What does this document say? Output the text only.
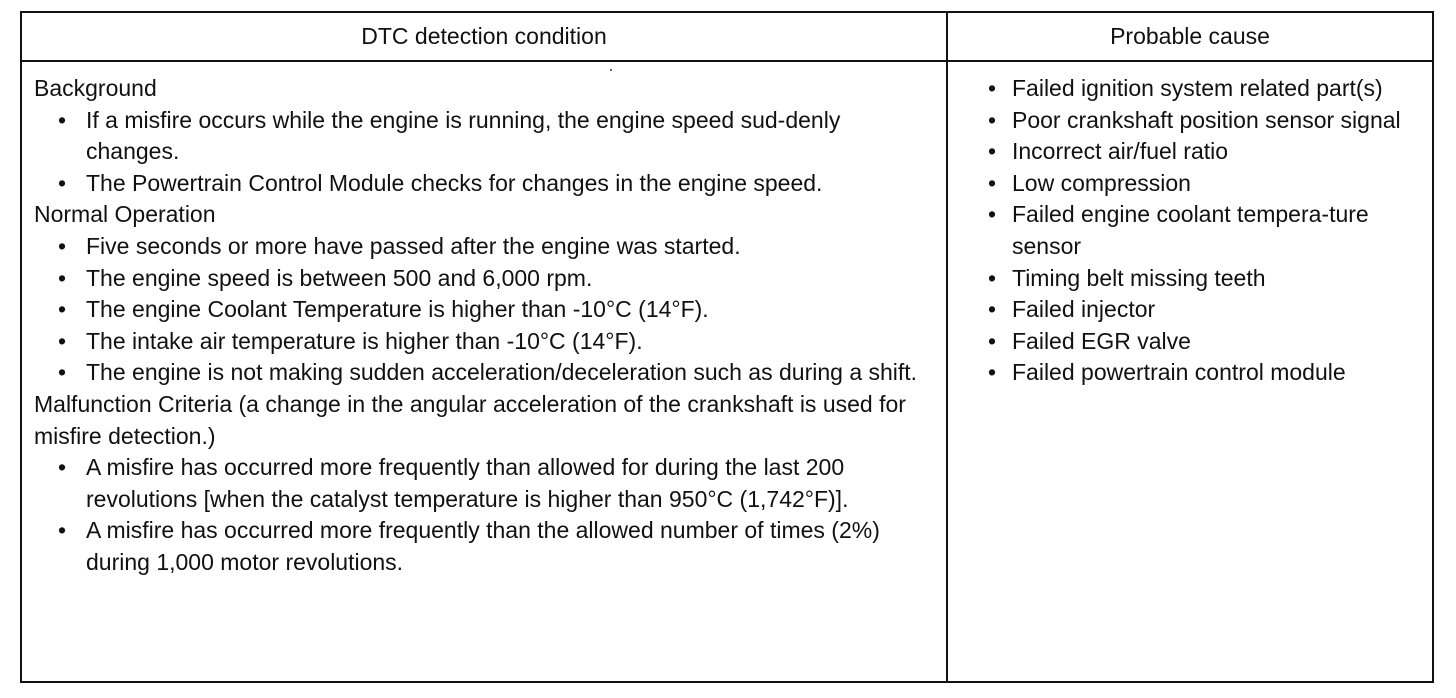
DTC detection condition	Probable cause

Background

• If a misfire occurs while the engine is running, the engine speed sud-denly changes.
• The Powertrain Control Module checks for changes in the engine speed.

Normal Operation

• Five seconds or more have passed after the engine was started.
• The engine speed is between 500 and 6,000 rpm.
• The engine Coolant Temperature is higher than -10°C (14°F).
• The intake air temperature is higher than -10°C (14°F).
• The engine is not making sudden acceleration/deceleration such as during a shift.

Malfunction Criteria (a change in the angular acceleration of the crankshaft is used for misfire detection.)

• A misfire has occurred more frequently than allowed for during the last 200 revolutions [when the catalyst temperature is higher than 950°C (1,742°F)].
• A misfire has occurred more frequently than the allowed number of times (2%) during 1,000 motor revolutions.
• Failed ignition system related part(s)
• Poor crankshaft position sensor signal
• Incorrect air/fuel ratio
• Low compression
• Failed engine coolant tempera-ture sensor
• Timing belt missing teeth
• Failed injector
• Failed EGR valve
• Failed powertrain control module
